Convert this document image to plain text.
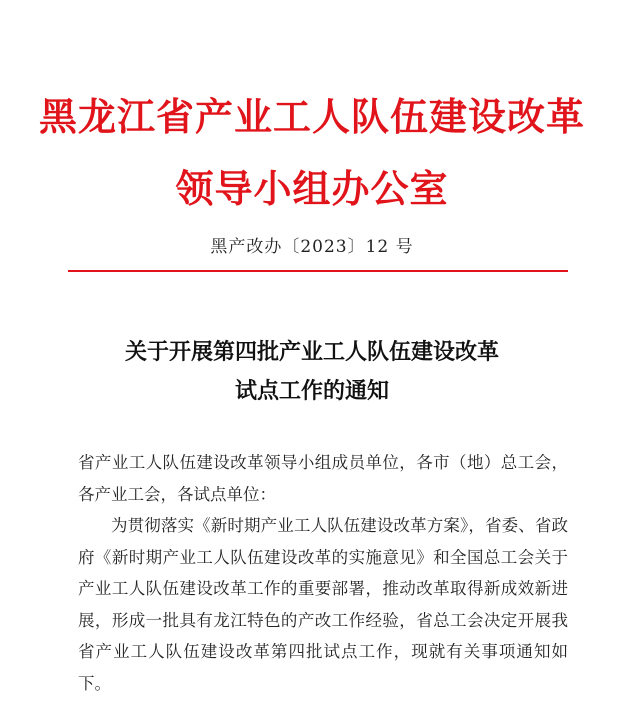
黑龙江省产业工人队伍建设改革
领导小组办公室
黑产改办〔2023〕12 号
关于开展第四批产业工人队伍建设改革
试点工作的通知

省产业工人队伍建设改革领导小组成员单位，各市（地）总工会，各产业工会，各试点单位：

为贯彻落实《新时期产业工人队伍建设改革方案》，省委、省政府《新时期产业工人队伍建设改革的实施意见》和全国总工会关于产业工人队伍建设改革工作的重要部署，推动改革取得新成效新进展，形成一批具有龙江特色的产改工作经验，省总工会决定开展我省产业工人队伍建设改革第四批试点工作，现就有关事项通知如下。
